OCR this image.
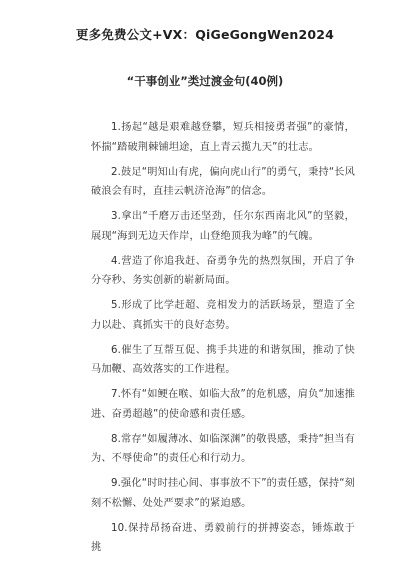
更多免费公文+VX：QiGeGongWen2024

“干事创业”类过渡金句(40例)

1.扬起“越是艰难越登攀，短兵相接勇者强”的豪情，怀揣“踏破荆棘铺坦途，直上青云揽九天”的壮志。
2.鼓足“明知山有虎，偏向虎山行”的勇气，秉持“长风破浪会有时，直挂云帆济沧海”的信念。
3.拿出“千磨万击还坚劲，任尔东西南北风”的坚毅，展现“海到无边天作岸，山登绝顶我为峰”的气魄。
4.营造了你追我赶、奋勇争先的热烈氛围，开启了争分夺秒、务实创新的崭新局面。
5.形成了比学赶超、竞相发力的活跃场景，塑造了全力以赴、真抓实干的良好态势。
6.催生了互帮互促、携手共进的和谐氛围，推动了快马加鞭、高效落实的工作进程。
7.怀有“如鲠在喉、如临大敌”的危机感，肩负“加速推进、奋勇超越”的使命感和责任感。
8.常存“如履薄冰、如临深渊”的敬畏感，秉持“担当有为、不辱使命”的责任心和行动力。
9.强化“时时挂心间、事事放不下”的责任感，保持“刻刻不松懈、处处严要求”的紧迫感。
10.保持昂扬奋进、勇毅前行的拼搏姿态，锤炼敢于挑
